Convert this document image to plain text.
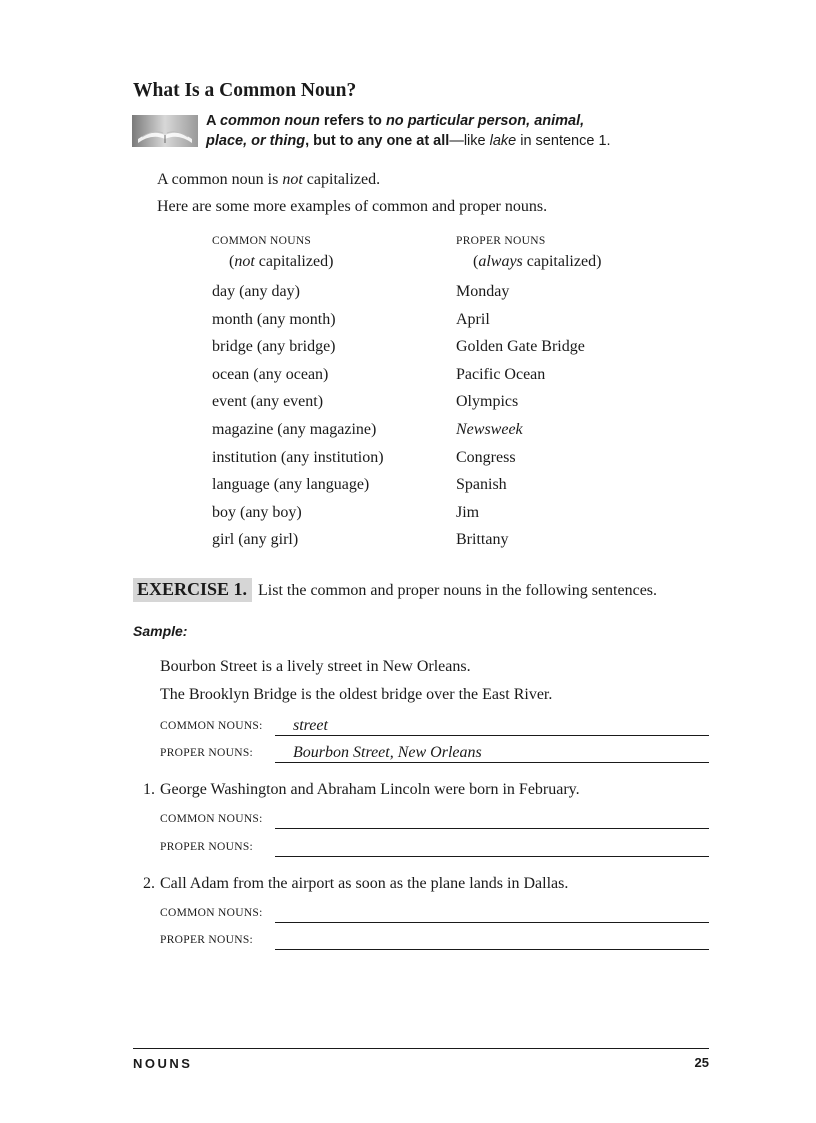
What Is a Common Noun?
A common noun refers to no particular person, animal,
place, or thing, but to any one at all—like lake in sentence 1.

A common noun is not capitalized.

Here are some more examples of common and proper nouns.

COMMON NOUNS	PROPER NOUNS
(not capitalized)	(always capitalized)
day (any day)	Monday
month (any month)	April
bridge (any bridge)	Golden Gate Bridge
ocean (any ocean)	Pacific Ocean
event (any event)	Olympics
magazine (any magazine)	Newsweek
institution (any institution)	Congress
language (any language)	Spanish
boy (any boy)	Jim
girl (any girl)	Brittany
EXERCISE 1. List the common and proper nouns in the following sentences.

Sample:

Bourbon Street is a lively street in New Orleans.

The Brooklyn Bridge is the oldest bridge over the East River.

COMMON NOUNS:	street
PROPER NOUNS:	Bourbon Street, New Orleans
1. George Washington and Abraham Lincoln were born in February.

COMMON NOUNS:
PROPER NOUNS:
2. Call Adam from the airport as soon as the plane lands in Dallas.

COMMON NOUNS:
PROPER NOUNS:
NOUNS	25
